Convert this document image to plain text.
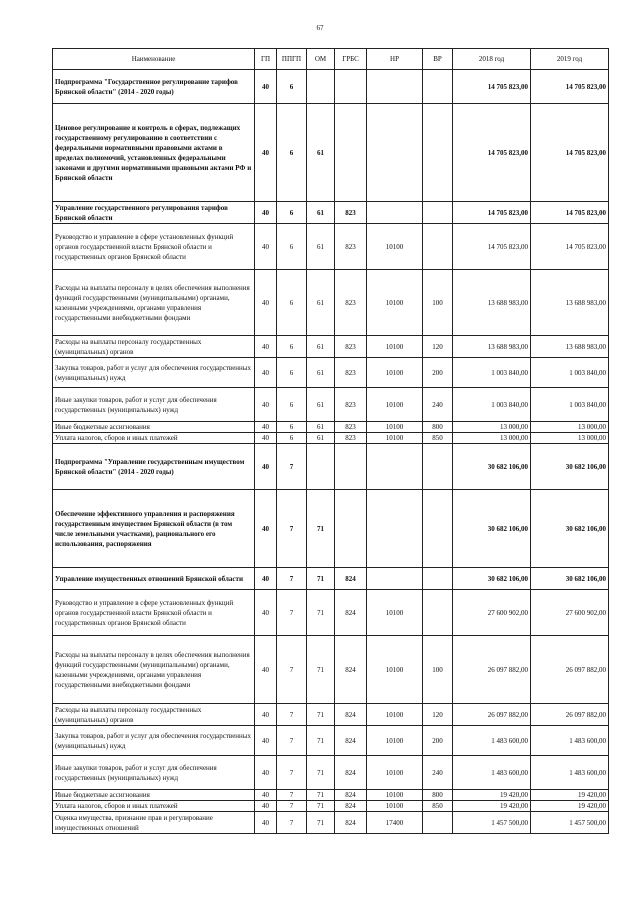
67
Наименование	ГП	ППГП	ОМ	ГРБС	НР	ВР	2018 год	2019 год
Подпрограмма "Государственное регулирование тарифов Брянской области" (2014 - 2020 годы)	40	6					14 705 823,00	14 705 823,00
Ценовое регулирование и контроль в сферах, подлежащих государственному регулированию в соответствии с федеральными нормативными правовыми актами в пределах полномочий, установленных федеральными законами и другими нормативными правовыми актами РФ и Брянской области	40	6	61				14 705 823,00	14 705 823,00
Управление государственного регулирования тарифов Брянской области	40	6	61	823			14 705 823,00	14 705 823,00
Руководство и управление в сфере установленных функций органов государственной власти Брянской области и государственных органов Брянской области	40	6	61	823	10100		14 705 823,00	14 705 823,00
Расходы на выплаты персоналу в целях обеспечения выполнения функций государственными (муниципальными) органами, казенными учреждениями, органами управления государственными внебюджетными фондами	40	6	61	823	10100	100	13 688 983,00	13 688 983,00
Расходы на выплаты персоналу государственных (муниципальных) органов	40	6	61	823	10100	120	13 688 983,00	13 688 983,00
Закупка товаров, работ и услуг для обеспечения государственных (муниципальных) нужд	40	6	61	823	10100	200	1 003 840,00	1 003 840,00
Иные закупки товаров, работ и услуг для обеспечения государственных (муниципальных) нужд	40	6	61	823	10100	240	1 003 840,00	1 003 840,00
Иные бюджетные ассигнования	40	6	61	823	10100	800	13 000,00	13 000,00
Уплата налогов, сборов и иных платежей	40	6	61	823	10100	850	13 000,00	13 000,00
Подпрограмма "Управление государственным имуществом Брянской области" (2014 - 2020 годы)	40	7					30 682 106,00	30 682 106,00
Обеспечение эффективного управления и распоряжения государственным имуществом Брянской области (в том числе земельными участками), рационального его использования, распоряжения	40	7	71				30 682 106,00	30 682 106,00
Управление имущественных отношений Брянской области	40	7	71	824			30 682 106,00	30 682 106,00
Руководство и управление в сфере установленных функций органов государственной власти Брянской области и государственных органов Брянской области	40	7	71	824	10100		27 600 902,00	27 600 902,00
Расходы на выплаты персоналу в целях обеспечения выполнения функций государственными (муниципальными) органами, казенными учреждениями, органами управления государственными внебюджетными фондами	40	7	71	824	10100	100	26 097 882,00	26 097 882,00
Расходы на выплаты персоналу государственных (муниципальных) органов	40	7	71	824	10100	120	26 097 882,00	26 097 882,00
Закупка товаров, работ и услуг для обеспечения государственных (муниципальных) нужд	40	7	71	824	10100	200	1 483 600,00	1 483 600,00
Иные закупки товаров, работ и услуг для обеспечения государственных (муниципальных) нужд	40	7	71	824	10100	240	1 483 600,00	1 483 600,00
Иные бюджетные ассигнования	40	7	71	824	10100	800	19 420,00	19 420,00
Уплата налогов, сборов и иных платежей	40	7	71	824	10100	850	19 420,00	19 420,00
Оценка имущества, признание прав и регулирование имущественных отношений	40	7	71	824	17400		1 457 500,00	1 457 500,00
